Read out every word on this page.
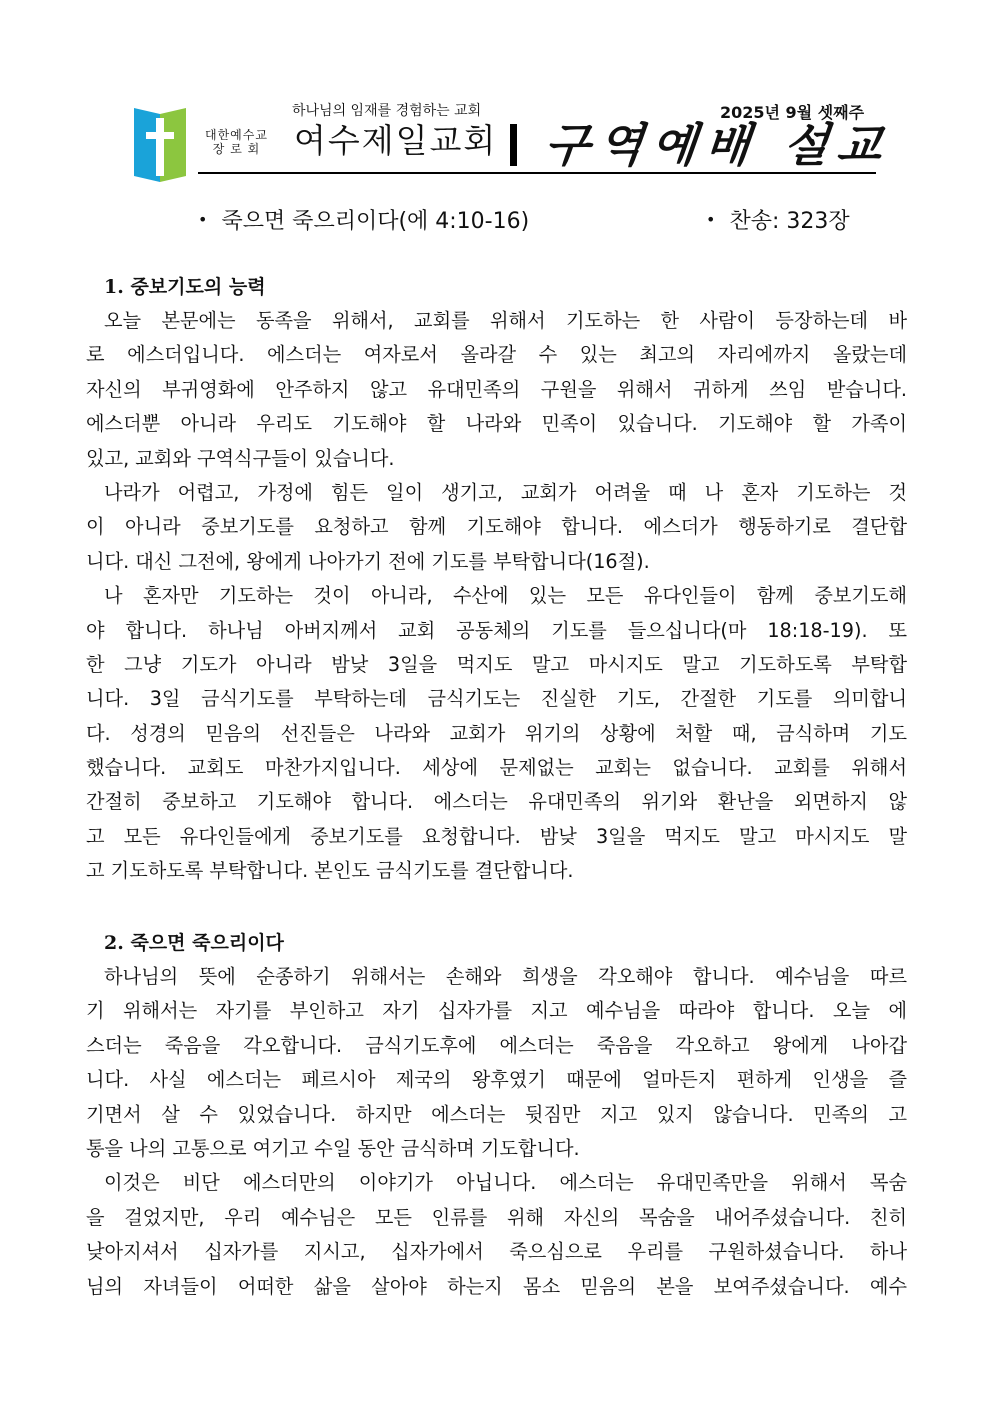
대한예수교
장 로 회
하나님의 임재를 경험하는 교회
여수제일교회 구역예배 설교
2025년 9월 셋째주
• 죽으면 죽으리이다(에 4:10-16)	• 찬송: 323장
1. 중보기도의 능력
오늘 본문에는 동족을 위해서, 교회를 위해서 기도하는 한 사람이 등장하는데 바
로 에스더입니다. 에스더는 여자로서 올라갈 수 있는 최고의 자리에까지 올랐는데
자신의 부귀영화에 안주하지 않고 유대민족의 구원을 위해서 귀하게 쓰임 받습니다.
에스더뿐 아니라 우리도 기도해야 할 나라와 민족이 있습니다. 기도해야 할 가족이
있고, 교회와 구역식구들이 있습니다.
나라가 어렵고, 가정에 힘든 일이 생기고, 교회가 어려울 때 나 혼자 기도하는 것
이 아니라 중보기도를 요청하고 함께 기도해야 합니다. 에스더가 행동하기로 결단합
니다. 대신 그전에, 왕에게 나아가기 전에 기도를 부탁합니다(16절).
나 혼자만 기도하는 것이 아니라, 수산에 있는 모든 유다인들이 함께 중보기도해
야 합니다. 하나님 아버지께서 교회 공동체의 기도를 들으십니다(마 18:18-19). 또
한 그냥 기도가 아니라 밤낮 3일을 먹지도 말고 마시지도 말고 기도하도록 부탁합
니다. 3일 금식기도를 부탁하는데 금식기도는 진실한 기도, 간절한 기도를 의미합니
다. 성경의 믿음의 선진들은 나라와 교회가 위기의 상황에 처할 때, 금식하며 기도
했습니다. 교회도 마찬가지입니다. 세상에 문제없는 교회는 없습니다. 교회를 위해서
간절히 중보하고 기도해야 합니다. 에스더는 유대민족의 위기와 환난을 외면하지 않
고 모든 유다인들에게 중보기도를 요청합니다. 밤낮 3일을 먹지도 말고 마시지도 말
고 기도하도록 부탁합니다. 본인도 금식기도를 결단합니다.
2. 죽으면 죽으리이다
하나님의 뜻에 순종하기 위해서는 손해와 희생을 각오해야 합니다. 예수님을 따르
기 위해서는 자기를 부인하고 자기 십자가를 지고 예수님을 따라야 합니다. 오늘 에
스더는 죽음을 각오합니다. 금식기도후에 에스더는 죽음을 각오하고 왕에게 나아갑
니다. 사실 에스더는 페르시아 제국의 왕후였기 때문에 얼마든지 편하게 인생을 즐
기면서 살 수 있었습니다. 하지만 에스더는 뒷짐만 지고 있지 않습니다. 민족의 고
통을 나의 고통으로 여기고 수일 동안 금식하며 기도합니다.
이것은 비단 에스더만의 이야기가 아닙니다. 에스더는 유대민족만을 위해서 목숨
을 걸었지만, 우리 예수님은 모든 인류를 위해 자신의 목숨을 내어주셨습니다. 친히
낮아지셔서 십자가를 지시고, 십자가에서 죽으심으로 우리를 구원하셨습니다. 하나
님의 자녀들이 어떠한 삶을 살아야 하는지 몸소 믿음의 본을 보여주셨습니다. 예수
